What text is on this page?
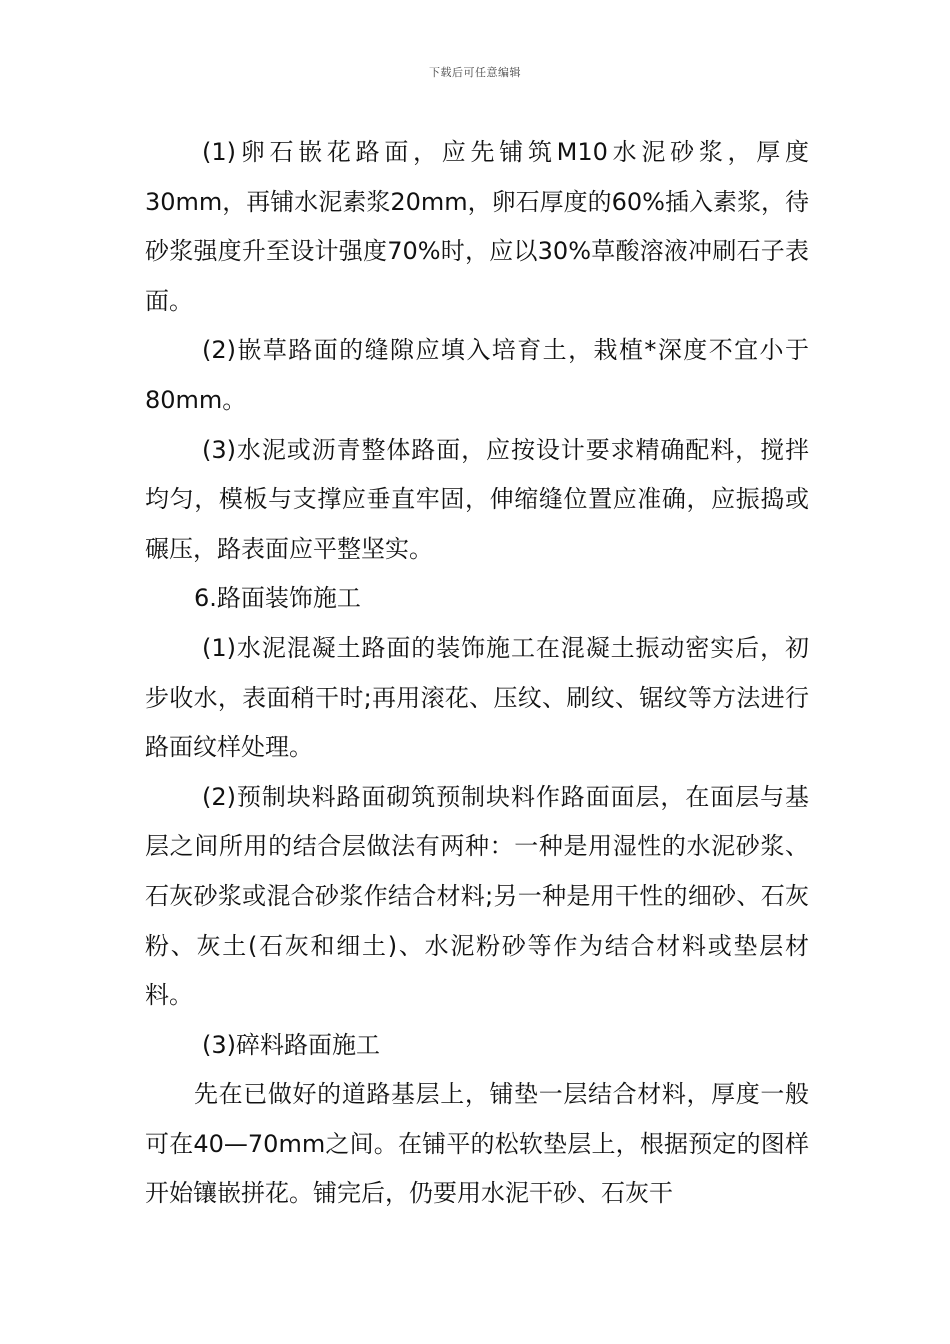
下载后可任意编辑

(1)卵石嵌花路面，应先铺筑M10水泥砂浆，厚度30mm，再铺水泥素浆20mm，卵石厚度的60%插入素浆，待砂浆强度升至设计强度70%时，应以30%草酸溶液冲刷石子表面。

(2)嵌草路面的缝隙应填入培育土，栽植*深度不宜小于80mm。

(3)水泥或沥青整体路面，应按设计要求精确配料，搅拌均匀，模板与支撑应垂直牢固，伸缩缝位置应准确，应振捣或碾压，路表面应平整坚实。

6.路面装饰施工

(1)水泥混凝土路面的装饰施工在混凝土振动密实后，初步收水，表面稍干时;再用滚花、压纹、刷纹、锯纹等方法进行路面纹样处理。

(2)预制块料路面砌筑预制块料作路面面层，在面层与基层之间所用的结合层做法有两种：一种是用湿性的水泥砂浆、石灰砂浆或混合砂浆作结合材料;另一种是用干性的细砂、石灰粉、灰土(石灰和细土)、水泥粉砂等作为结合材料或垫层材料。

(3)碎料路面施工

先在已做好的道路基层上，铺垫一层结合材料，厚度一般可在40—70mm之间。在铺平的松软垫层上，根据预定的图样开始镶嵌拼花。铺完后，仍要用水泥干砂、石灰干
